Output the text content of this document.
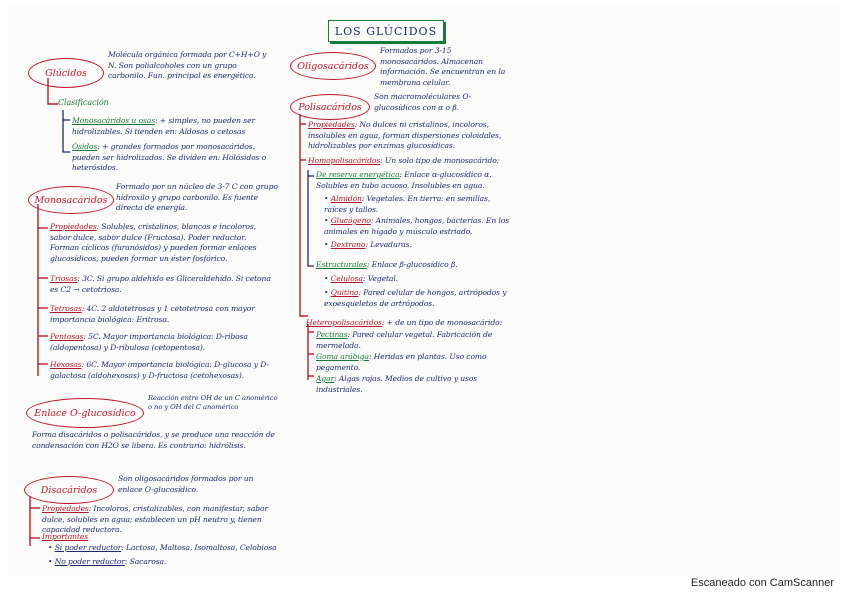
LOS GLÚCIDOS
Glúcidos
Molécula orgánica formada por C+H+O y N. Son polialcoholes con un grupo carbonilo. Fun. principal es energética.
Clasificación
Monosacáridos u osas: + simples, no pueden ser hidrolizables. Si tienden en: Aldosas o cetosas
Ósidos: + grandes formados por monosacáridos, pueden ser hidrolizados. Se dividen en: Holósidos o heterósidos.
Monosacáridos
Formado por un núcleo de 3-7 C con grupo hidroxilo y grupo carbonilo. Es fuente directa de energía.
Propiedades: Solubles, cristalinos, blancos e incoloros, sabor dulce, sabor dulce (Fructosa). Poder reductor. Forman cíclicos (furanósidos) y pueden formar enlaces glucosídicos; pueden formar un éster fosfórico.
Triosas: 3C. Si grupo aldehído es Gliceraldehído. Si cetona es C2 → cetotriosa.
Tetrosas: 4C. 2 aldotetrosas y 1 cetotetrosa con mayor importancia biológica: Eritrosa.
Pentosas: 5C. Mayor importancia biológica: D-ribosa (aldopentosa) y D-ribulosa (cetopentosa).
Hexosas: 6C. Mayor importancia biológica: D-glucosa y D-galactosa (aldohexosas) y D-fructosa (cetohexosas).
Enlace O-glucosídico
Reacción entre OH de un C anomérico o no y OH del C anomérico
Forma disacáridos o polisacáridos, y se produce una reacción de condensación con H2O se libera. Es contrario: hidrólisis.
Disacáridos
Son oligosacáridos formados por un enlace O-glucosídico.
Propiedades: Incoloros, cristalizables, con manifestar, sabor dulce, solubles en agua; establecen un pH neutro y, tienen capacidad reductora.
Importantes
• Si poder reductor: Lactosa, Maltosa, Isomaltosa, Celobiosa
• No poder reductor: Sacarosa.
Oligosacáridos
Formados por 3-15 monosacáridos. Almacenan información. Se encuentran en la membrana celular.
Polisacáridos
Son macromoléculares O-glucosídicos con α o β.
Propiedades: No dulces ni cristalinos, incoloros, insolubles en agua, forman dispersiones coloidales, hidrolizables por enzimas glucosídicas.
Homopolisacáridos: Un solo tipo de monosacárido:
De reserva energética: Enlace α-glucosídico α. Solubles en tubo acuoso. Insolubles en agua.
• Almidón: Vegetales. En tierra: en semillas, raíces y tallos.
• Glucógeno: Animales, hongos, bacterias. En los animales en hígado y músculo estriado.
• Dextrano: Levaduras.
Estructurales: Enlace β-glucosídico β.
• Celulosa: Vegetal.
• Quitina: Pared celular de hongos, artrópodos y exoesqueletos de artrópodos.
Heteropolisacáridos: + de un tipo de monosacárido:
Pectinas: Pared celular vegetal. Fabricación de mermelada.
Goma arábiga: Heridas en plantas. Uso como pegamento.
Agar: Algas rojas. Medios de cultivo y usos industriales.
Escaneado con CamScanner
